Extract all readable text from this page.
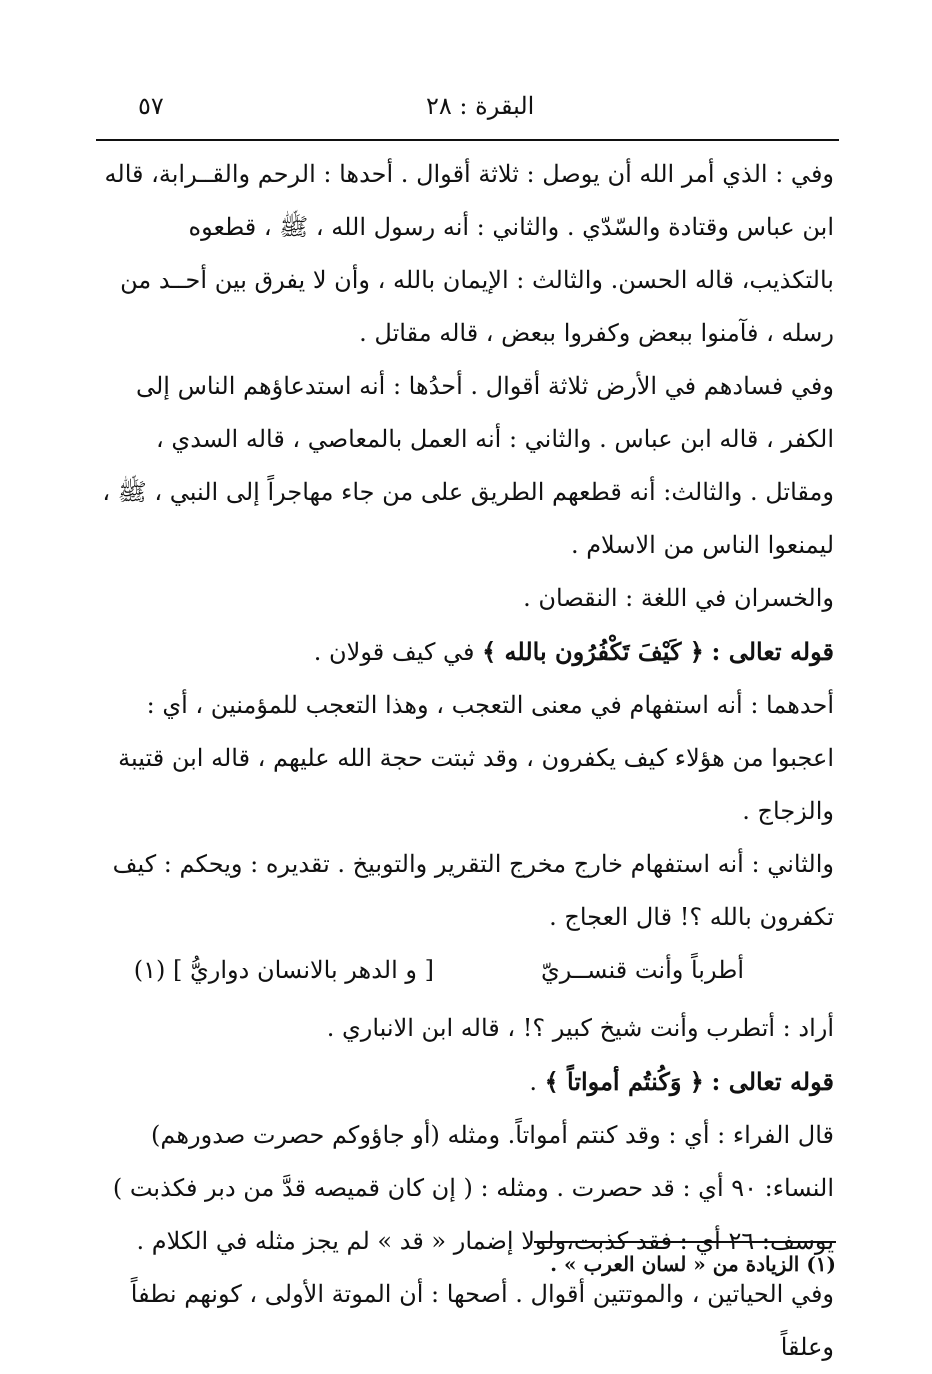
٥٧	البقرة : ٢٨

وفي : الذي أمر الله أن يوصل : ثلاثة أقوال . أحدها : الرحم والقــرابة، قاله ابن عباس وقتادة والسّدّي . والثاني : أنه رسول الله ، ﷺ ، قطعوه بالتكذيب، قاله الحسن. والثالث : الإيمان بالله ، وأن لا يفرق بين أحــد من رسله ، فآمنوا ببعض وكفروا ببعض ، قاله مقاتل .

وفي فسادهم في الأرض ثلاثة أقوال . أحدُها : أنه استدعاؤهم الناس إلى الكفر ، قاله ابن عباس . والثاني : أنه العمل بالمعاصي ، قاله السدي ، ومقاتل . والثالث: أنه قطعهم الطريق على من جاء مهاجراً إلى النبي ، ﷺ ، ليمنعوا الناس من الاسلام .

والخسران في اللغة : النقصان .

قوله تعالى : ﴿ كَيْفَ تَكْفُرُون بالله ﴾ في كيف قولان .

أحدهما : أنه استفهام في معنى التعجب ، وهذا التعجب للمؤمنين ، أي : اعجبوا من هؤلاء كيف يكفرون ، وقد ثبتت حجة الله عليهم ، قاله ابن قتيبة والزجاج .

والثاني : أنه استفهام خارج مخرج التقرير والتوبيخ . تقديره : ويحكم : كيف تكفرون بالله ؟! قال العجاج .

أطرباً وأنت قنســريّ
[ و الدهر بالانسان دواريُّ ] (١)

أراد : أتطرب وأنت شيخ كبير ؟! ، قاله ابن الانباري .

قوله تعالى : ﴿ وَكُنتُم أمواتاً ﴾ .

قال الفراء : أي : وقد كنتم أمواتاً. ومثله (أو جاؤوكم حصرت صدورهم) النساء: ٩٠ أي : قد حصرت . ومثله : ( إن كان قميصه قدَّ من دبر فكذبت ) يوسف: ٢٦ أي : فقد كذبت،ولولا إضمار « قد » لم يجز مثله في الكلام .

وفي الحياتين ، والموتتين أقوال . أصحها : أن الموتة الأولى ، كونهم نطفاً وعلقاً

(١) الزيادة من « لسان العرب » .
